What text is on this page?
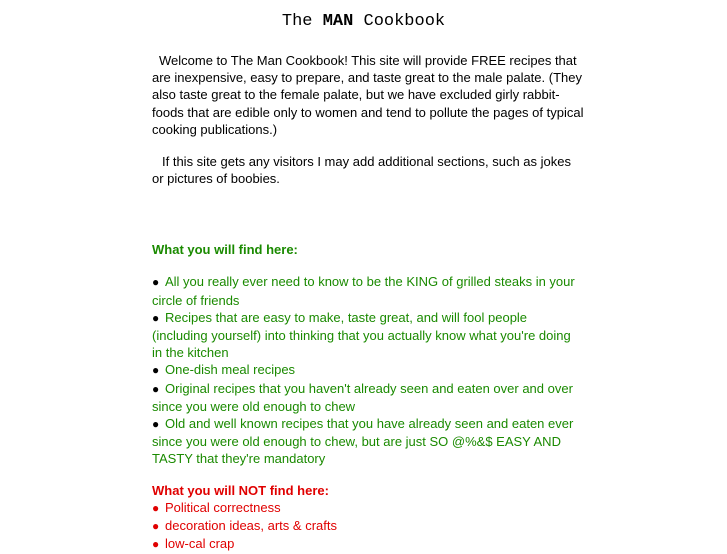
The MAN Cookbook

Welcome to The Man Cookbook! This site will provide FREE recipes that are inexpensive, easy to prepare, and taste great to the male palate. (They also taste great to the female palate, but we have excluded girly rabbit-foods that are edible only to women and tend to pollute the pages of typical cooking publications.)

If this site gets any visitors I may add additional sections, such as jokes or pictures of boobies.

What you will find here:

● All you really ever need to know to be the KING of grilled steaks in your circle of friends
● Recipes that are easy to make, taste great, and will fool people (including yourself) into thinking that you actually know what you're doing in the kitchen
● One-dish meal recipes
● Original recipes that you haven't already seen and eaten over and over since you were old enough to chew
● Old and well known recipes that you have already seen and eaten ever since you were old enough to chew, but are just SO @%&$ EASY AND TASTY that they're mandatory

What you will NOT find here:

● Political correctness
● decoration ideas, arts & crafts
● low-cal crap
